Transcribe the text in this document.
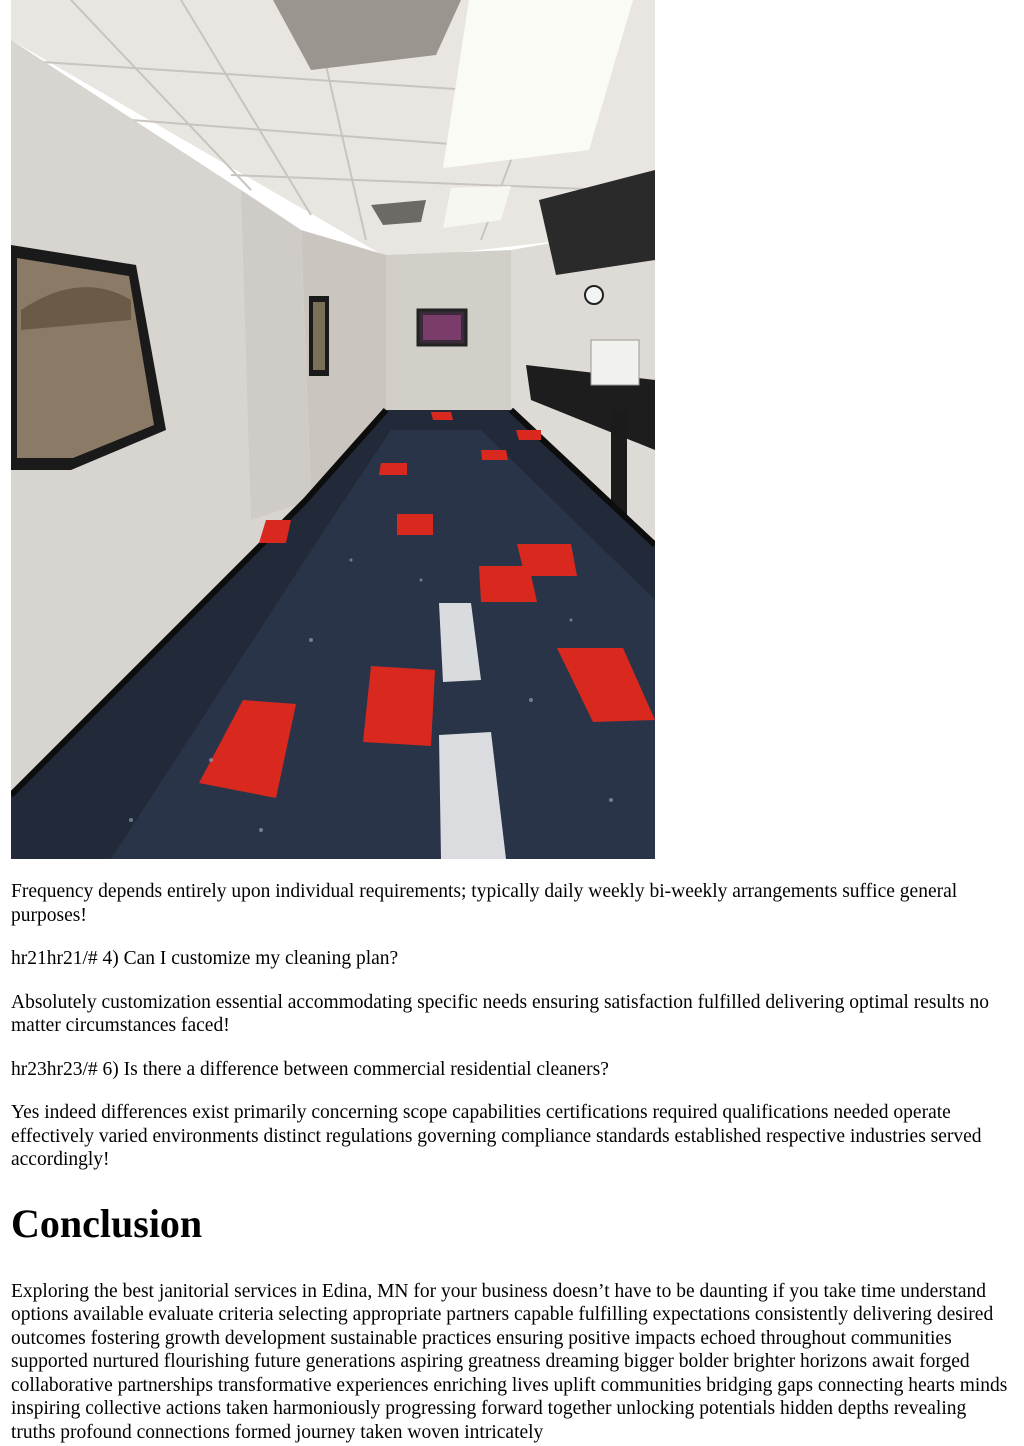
Frequency depends entirely upon individual requirements; typically daily weekly bi-weekly arrangements suffice general purposes!

hr21hr21/# 4) Can I customize my cleaning plan?

Absolutely customization essential accommodating specific needs ensuring satisfaction fulfilled delivering optimal results no matter circumstances faced!

hr23hr23/# 6) Is there a difference between commercial residential cleaners?

Yes indeed differences exist primarily concerning scope capabilities certifications required qualifications needed operate effectively varied environments distinct regulations governing compliance standards established respective industries served accordingly!

Conclusion

Exploring the best janitorial services in Edina, MN for your business doesn’t have to be daunting if you take time understand options available evaluate criteria selecting appropriate partners capable fulfilling expectations consistently delivering desired outcomes fostering growth development sustainable practices ensuring positive impacts echoed throughout communities supported nurtured flourishing future generations aspiring greatness dreaming bigger bolder brighter horizons await forged collaborative partnerships transformative experiences enriching lives uplift communities bridging gaps connecting hearts minds inspiring collective actions taken harmoniously progressing forward together unlocking potentials hidden depths revealing truths profound connections formed journey taken woven intricately
